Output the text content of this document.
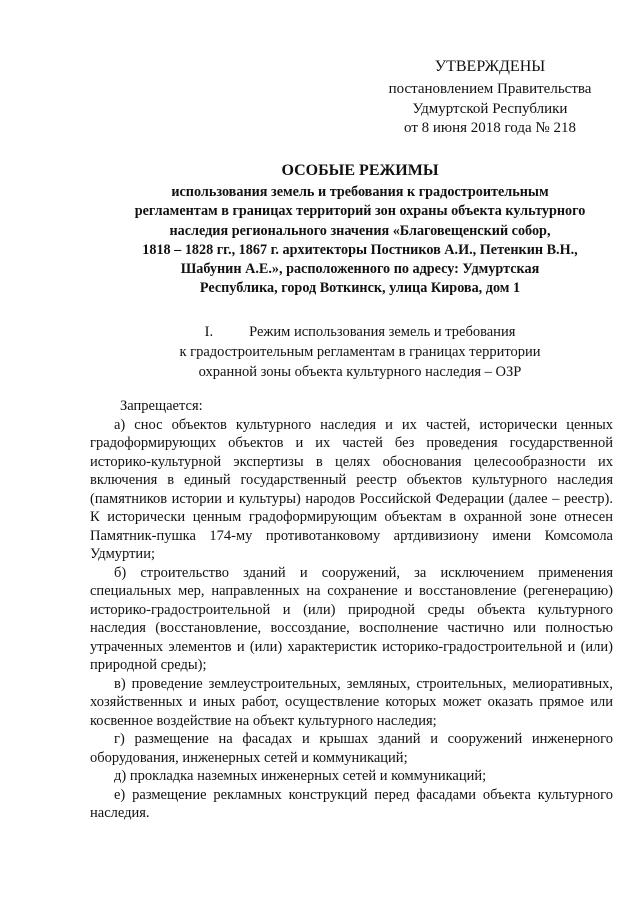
УТВЕРЖДЕНЫ
постановлением Правительства
Удмуртской Республики
от 8 июня 2018 года № 218
ОСОБЫЕ РЕЖИМЫ
использования земель и требования к градостроительным
регламентам в границах территорий зон охраны объекта культурного
наследия регионального значения «Благовещенский собор,
1818 – 1828 гг., 1867 г. архитекторы Постников А.И., Петенкин В.Н.,
Шабунин А.Е.», расположенного по адресу: Удмуртская
Республика, город Воткинск, улица Кирова, дом 1
I. Режим использования земель и требования
к градостроительным регламентам в границах территории
охранной зоны объекта культурного наследия – ОЗР

Запрещается:

а) снос объектов культурного наследия и их частей, исторически ценных градоформирующих объектов и их частей без проведения государственной историко-культурной экспертизы в целях обоснования целесообразности их включения в единый государственный реестр объектов культурного наследия (памятников истории и культуры) народов Российской Федерации (далее – реестр). К исторически ценным градоформирующим объектам в охранной зоне отнесен Памятник-пушка 174-му противотанковому артдивизиону имени Комсомола Удмуртии;

б) строительство зданий и сооружений, за исключением применения специальных мер, направленных на сохранение и восстановление (регенерацию) историко-градостроительной и (или) природной среды объекта культурного наследия (восстановление, воссоздание, восполнение частично или полностью утраченных элементов и (или) характеристик историко-градостроительной и (или) природной среды);

в) проведение землеустроительных, земляных, строительных, мелиоративных, хозяйственных и иных работ, осуществление которых может оказать прямое или косвенное воздействие на объект культурного наследия;

г) размещение на фасадах и крышах зданий и сооружений инженерного оборудования, инженерных сетей и коммуникаций;

д) прокладка наземных инженерных сетей и коммуникаций;

е) размещение рекламных конструкций перед фасадами объекта культурного наследия.
